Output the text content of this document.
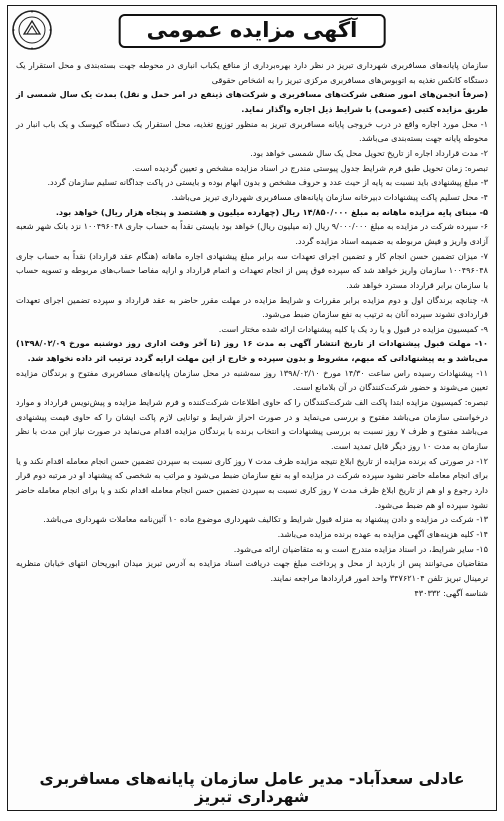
آگهی مزایده عمومی

سازمان پایانه‌های مسافربری شهرداری تبریز در نظر دارد بهره‌برداری از منافع یکباب انباری در محوطه جهت بسته‌بندی و محل استقرار یک دستگاه کانکس تغذیه به اتوبوس‌های مسافربری مرکزی تبریز را به اشخاص حقوقی

(صرفاً انجمن‌های امور صنفی شرکت‌های مسافربری و شرکت‌های ذینفع در امر حمل و نقل) بمدت یک سال شمسی از طریق مزایده کتبی (عمومی) با شرایط ذیل اجاره واگذار نماید.

۱- محل مورد اجاره واقع در درب خروجی پایانه مسافربری تبریز به منظور توزیع تغذیه، محل استقرار یک دستگاه کیوسک و یک باب انبار در محوطه پایانه جهت بسته‌بندی می‌باشد.

۲- مدت قرارداد اجاره از تاریخ تحویل محل یک سال شمسی خواهد بود.

تبصره: زمان تحویل طبق فرم شرایط جدول پیوستی مندرج در اسناد مزایده مشخص و تعیین گردیده است.

۳- مبلغ پیشنهادی باید نسبت به پایه از حیث عدد و حروف مشخص و بدون ابهام بوده و بایستی در پاکت جداگانه تسلیم سازمان گردد.

۴- محل تسلیم پاکت پیشنهادات دبیرخانه سازمان پایانه‌های مسافربری شهرداری تبریز می‌باشد.

۵- مبنای پایه مزایده ماهانه به مبلغ ۱۴/۸۵۰/۰۰۰ ریال (چهارده میلیون و هشتصد و پنجاه هزار ریال) خواهد بود.

۶- سپرده شرکت در مزایده به مبلغ ۹/۰۰۰/۰۰۰ ریال (نه میلیون ریال) خواهد بود بایستی نقداً به حساب جاری ۱۰۰۴۹۶۰۴۸ نزد بانک شهر شعبه آزادی واریز و فیش مربوطه به ضمیمه اسناد مزایده گردد.

۷- میزان تضمین حسن انجام کار و تضمین اجرای تعهدات سه برابر مبلغ پیشنهادی اجاره ماهانه (هنگام عقد قرارداد) نقداً به حساب جاری ۱۰۰۴۹۶۰۴۸ سازمان واریز خواهد شد که سپرده فوق پس از انجام تعهدات و اتمام قرارداد و ارایه مفاصا حساب‌های مربوطه و تسویه حساب با سازمان برابر قرارداد مسترد خواهد شد.

۸- چنانچه برندگان اول و دوم مزایده برابر مقررات و شرایط مزایده در مهلت مقرر حاضر به عقد قرارداد و سپرده تضمین اجرای تعهدات قراردادی نشوند سپرده آنان به ترتیب به نفع سازمان ضبط می‌شود.

۹- کمیسیون مزایده در قبول و یا رد یک یا کلیه پیشنهادات ارائه شده مختار است.

۱۰- مهلت قبول پیشنهادات از تاریخ انتشار آگهی به مدت ۱۶ روز (تا آخر وقت اداری روز دوشنبه مورخ ۱۳۹۸/۰۲/۰۹) می‌باشد و به پیشنهاداتی که مبهم، مشروط و بدون سپرده و خارج از این مهلت ارایه گردد ترتیب اثر داده نخواهد شد.

۱۱- پیشنهادات رسیده راس ساعت ۱۴/۳۰ مورخ ۱۳۹۸/۰۲/۱۰ روز سه‌شنبه در محل سازمان پایانه‌های مسافربری مفتوح و برندگان مزایده تعیین می‌شوند و حضور شرکت‌کنندگان در آن بلامانع است.

تبصره: کمیسیون مزایده ابتدا پاکت الف شرکت‌کنندگان را که حاوی اطلاعات شرکت‌کننده و فرم شرایط مزایده و پیش‌نویس قرارداد و موارد درخواستی سازمان می‌باشد مفتوح و بررسی می‌نماید و در صورت احراز شرایط و توانایی لازم پاکت ایشان را که حاوی قیمت پیشنهادی می‌باشد مفتوح و ظرف ۷ روز نسبت به بررسی پیشنهادات و انتخاب برنده با برندگان مزایده اقدام می‌نماید در صورت نیاز این مدت با نظر سازمان به مدت ۱۰ روز دیگر قابل تمدید است.

۱۲- در صورتی که برنده مزایده از تاریخ ابلاغ نتیجه مزایده ظرف مدت ۷ روز کاری نسبت به سپردن تضمین حسن انجام معامله اقدام نکند و یا برای انجام معامله حاضر نشود سپرده شرکت در مزایده او به نفع سازمان ضبط می‌شود و مراتب به شخصی که پیشنهاد او در مرتبه دوم قرار دارد رجوع و او هم از تاریخ ابلاغ ظرف مدت ۷ روز کاری نسبت به سپردن تضمین حسن انجام معامله اقدام نکند و یا برای انجام معامله حاضر نشود سپرده او هم ضبط می‌شود.

۱۳- شرکت در مزایده و دادن پیشنهاد به منزله قبول شرایط و تکالیف شهرداری موضوع ماده ۱۰ آئین‌نامه معاملات شهرداری می‌باشد.

۱۴- کلیه هزینه‌های آگهی مزایده به عهده برنده مزایده می‌باشد.

۱۵- سایر شرایط، در اسناد مزایده مندرج است و به متقاضیان ارائه می‌شود.

متقاضیان می‌توانند پس از بازدید از محل و پرداخت مبلغ جهت دریافت اسناد مزایده به آدرس تبریز میدان ابوریحان انتهای خیابان منظریه ترمینال تبریز تلفن ۳۴۷۶۲۱۰۴ واحد امور قراردادها مراجعه نمایند.

شناسه آگهی: ۴۳۰۳۳۲

عادلی سعدآباد- مدیر عامل سازمان پایانه‌های مسافربری شهرداری تبریز
